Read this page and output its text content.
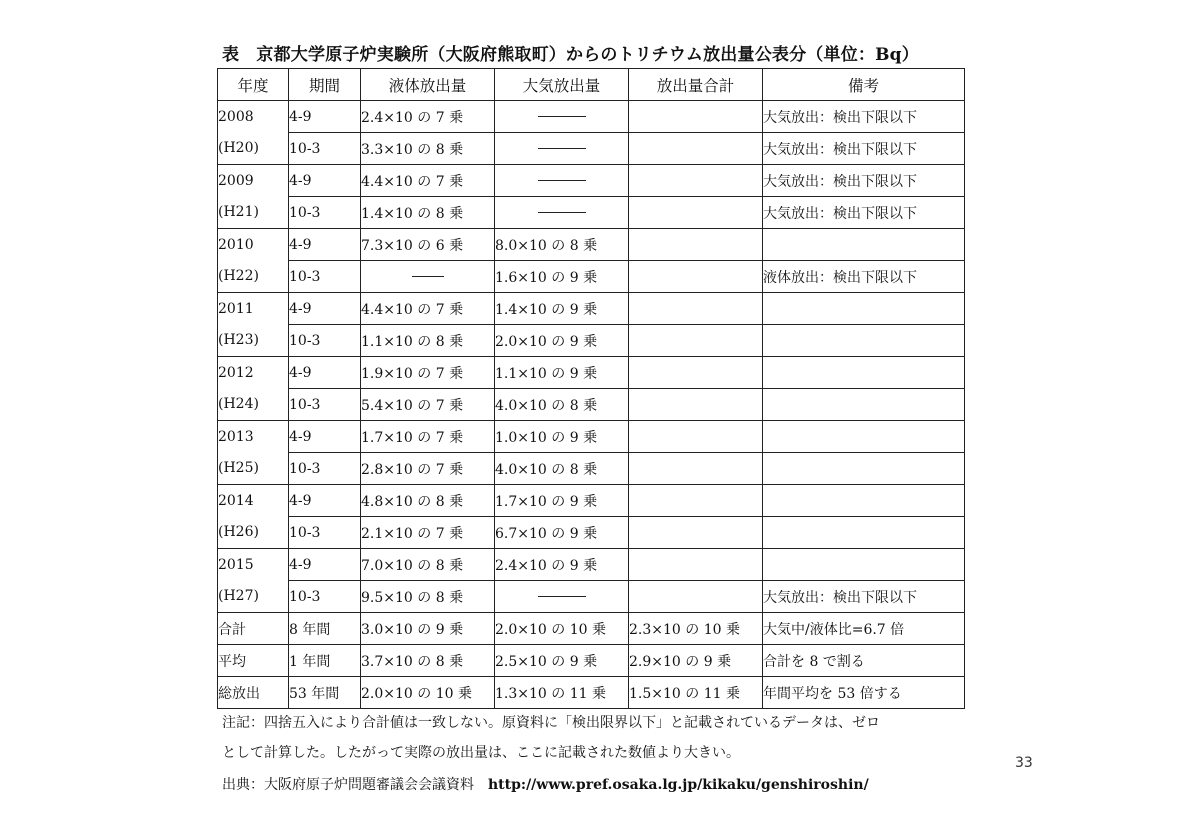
表　京都大学原子炉実験所（大阪府熊取町）からのトリチウム放出量公表分（単位：Bq）
年度	期間	液体放出量	大気放出量	放出量合計	備考
2008	4-9	2.4×10 の 7 乗			大気放出：検出下限以下
(H20)	10-3	3.3×10 の 8 乗			大気放出：検出下限以下
2009	4-9	4.4×10 の 7 乗			大気放出：検出下限以下
(H21)	10-3	1.4×10 の 8 乗			大気放出：検出下限以下
2010	4-9	7.3×10 の 6 乗	8.0×10 の 8 乗		
(H22)	10-3		1.6×10 の 9 乗		液体放出：検出下限以下
2011	4-9	4.4×10 の 7 乗	1.4×10 の 9 乗		
(H23)	10-3	1.1×10 の 8 乗	2.0×10 の 9 乗		
2012	4-9	1.9×10 の 7 乗	1.1×10 の 9 乗		
(H24)	10-3	5.4×10 の 7 乗	4.0×10 の 8 乗		
2013	4-9	1.7×10 の 7 乗	1.0×10 の 9 乗		
(H25)	10-3	2.8×10 の 7 乗	4.0×10 の 8 乗		
2014	4-9	4.8×10 の 8 乗	1.7×10 の 9 乗		
(H26)	10-3	2.1×10 の 7 乗	6.7×10 の 9 乗		
2015	4-9	7.0×10 の 8 乗	2.4×10 の 9 乗		
(H27)	10-3	9.5×10 の 8 乗			大気放出：検出下限以下
合計	8 年間	3.0×10 の 9 乗	2.0×10 の 10 乗	2.3×10 の 10 乗	大気中/液体比=6.7 倍
平均	1 年間	3.7×10 の 8 乗	2.5×10 の 9 乗	2.9×10 の 9 乗	合計を 8 で割る
総放出	53 年間	2.0×10 の 10 乗	1.3×10 の 11 乗	1.5×10 の 11 乗	年間平均を 53 倍する
注記：四捨五入により合計値は一致しない。原資料に「検出限界以下」と記載されているデータは、ゼロ
として計算した。したがって実際の放出量は、ここに記載された数値より大きい。
出典：大阪府原子炉問題審議会会議資料 http://www.pref.osaka.lg.jp/kikaku/genshiroshin/
33
